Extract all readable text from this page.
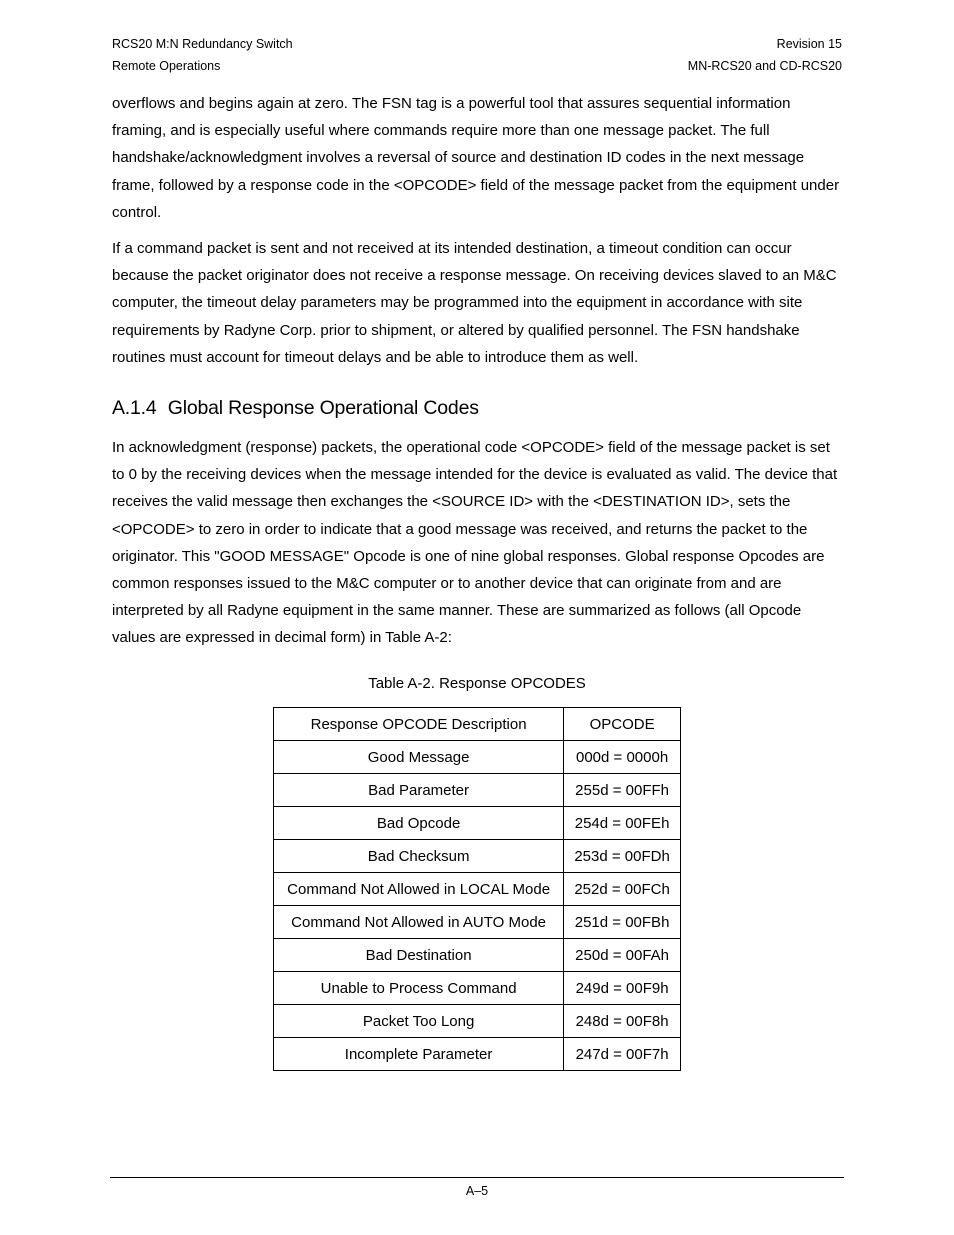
RCS20 M:N Redundancy Switch
Remote Operations
Revision 15
MN-RCS20 and CD-RCS20
overflows and begins again at zero. The FSN tag is a powerful tool that assures sequential information framing, and is especially useful where commands require more than one message packet. The full handshake/acknowledgment involves a reversal of source and destination ID codes in the next message frame, followed by a response code in the <OPCODE> field of the message packet from the equipment under control.
If a command packet is sent and not received at its intended destination, a timeout condition can occur because the packet originator does not receive a response message. On receiving devices slaved to an M&C computer, the timeout delay parameters may be programmed into the equipment in accordance with site requirements by Radyne Corp. prior to shipment, or altered by qualified personnel. The FSN handshake routines must account for timeout delays and be able to introduce them as well.
A.1.4 Global Response Operational Codes
In acknowledgment (response) packets, the operational code <OPCODE> field of the message packet is set to 0 by the receiving devices when the message intended for the device is evaluated as valid. The device that receives the valid message then exchanges the <SOURCE ID> with the <DESTINATION ID>, sets the <OPCODE> to zero in order to indicate that a good message was received, and returns the packet to the originator. This "GOOD MESSAGE" Opcode is one of nine global responses. Global response Opcodes are common responses issued to the M&C computer or to another device that can originate from and are interpreted by all Radyne equipment in the same manner. These are summarized as follows (all Opcode values are expressed in decimal form) in Table A-2:
Table A-2. Response OPCODES
Response OPCODE Description	OPCODE
Good Message	000d = 0000h
Bad Parameter	255d = 00FFh
Bad Opcode	254d = 00FEh
Bad Checksum	253d = 00FDh
Command Not Allowed in LOCAL Mode	252d = 00FCh
Command Not Allowed in AUTO Mode	251d = 00FBh
Bad Destination	250d = 00FAh
Unable to Process Command	249d = 00F9h
Packet Too Long	248d = 00F8h
Incomplete Parameter	247d = 00F7h
A–5
